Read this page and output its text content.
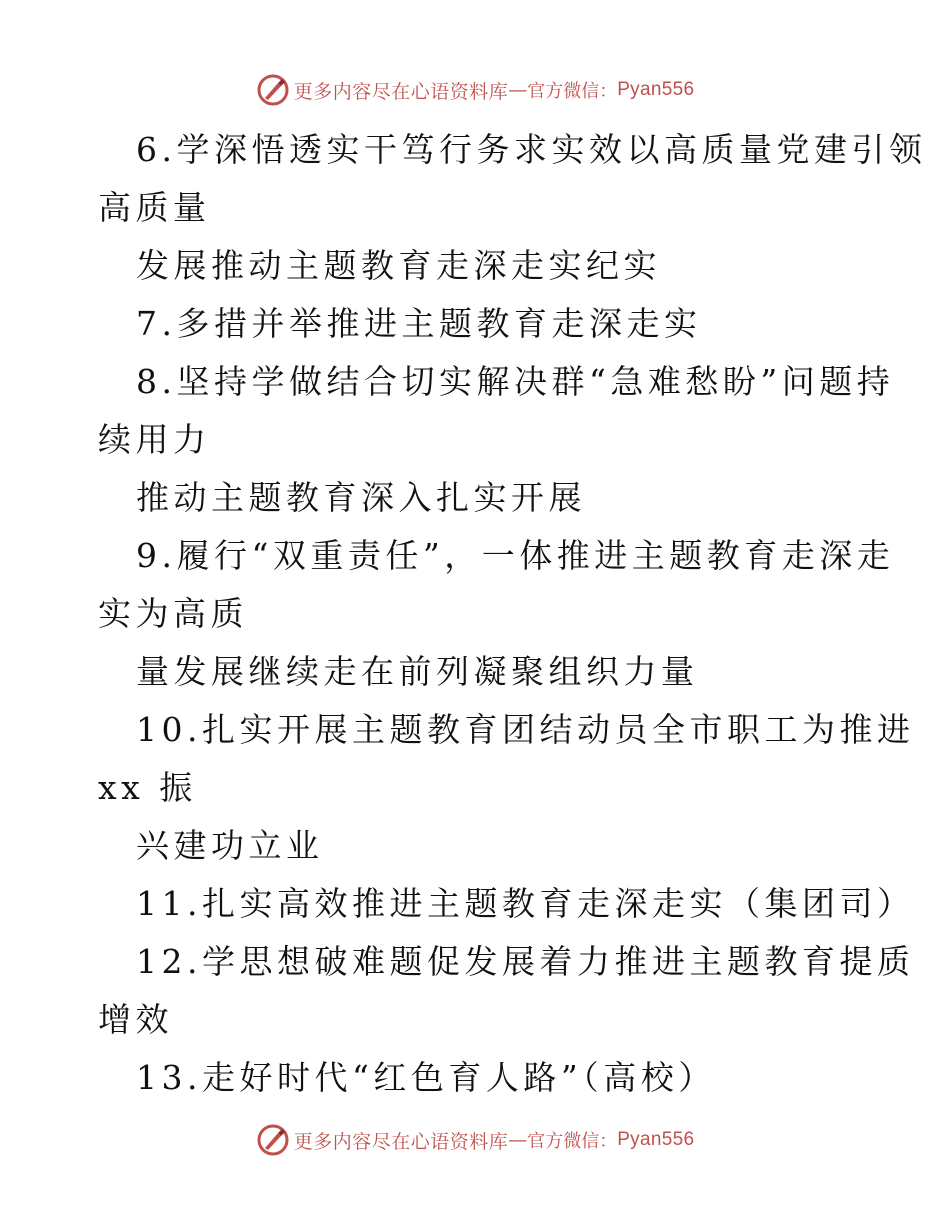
更多内容尽在心语资料库 — 官方微信： Pyan556
6.学深悟透实干笃行务求实效以高质量党建引领
高质量
发展推动主题教育走深走实纪实
7.多措并举推进主题教育走深走实
8.坚持学做结合切实解决群“急难愁盼”问题持
续用力
推动主题教育深入扎实开展
9.履行“双重责任”，一体推进主题教育走深走
实为高质
量发展继续走在前列凝聚组织力量
10.扎实开展主题教育团结动员全市职工为推进
xx 振
兴建功立业
11.扎实高效推进主题教育走深走实（集团司）
12.学思想破难题促发展着力推进主题教育提质
增效
13.走好时代“红色育人路”（高校）
更多内容尽在心语资料库 — 官方微信： Pyan556
